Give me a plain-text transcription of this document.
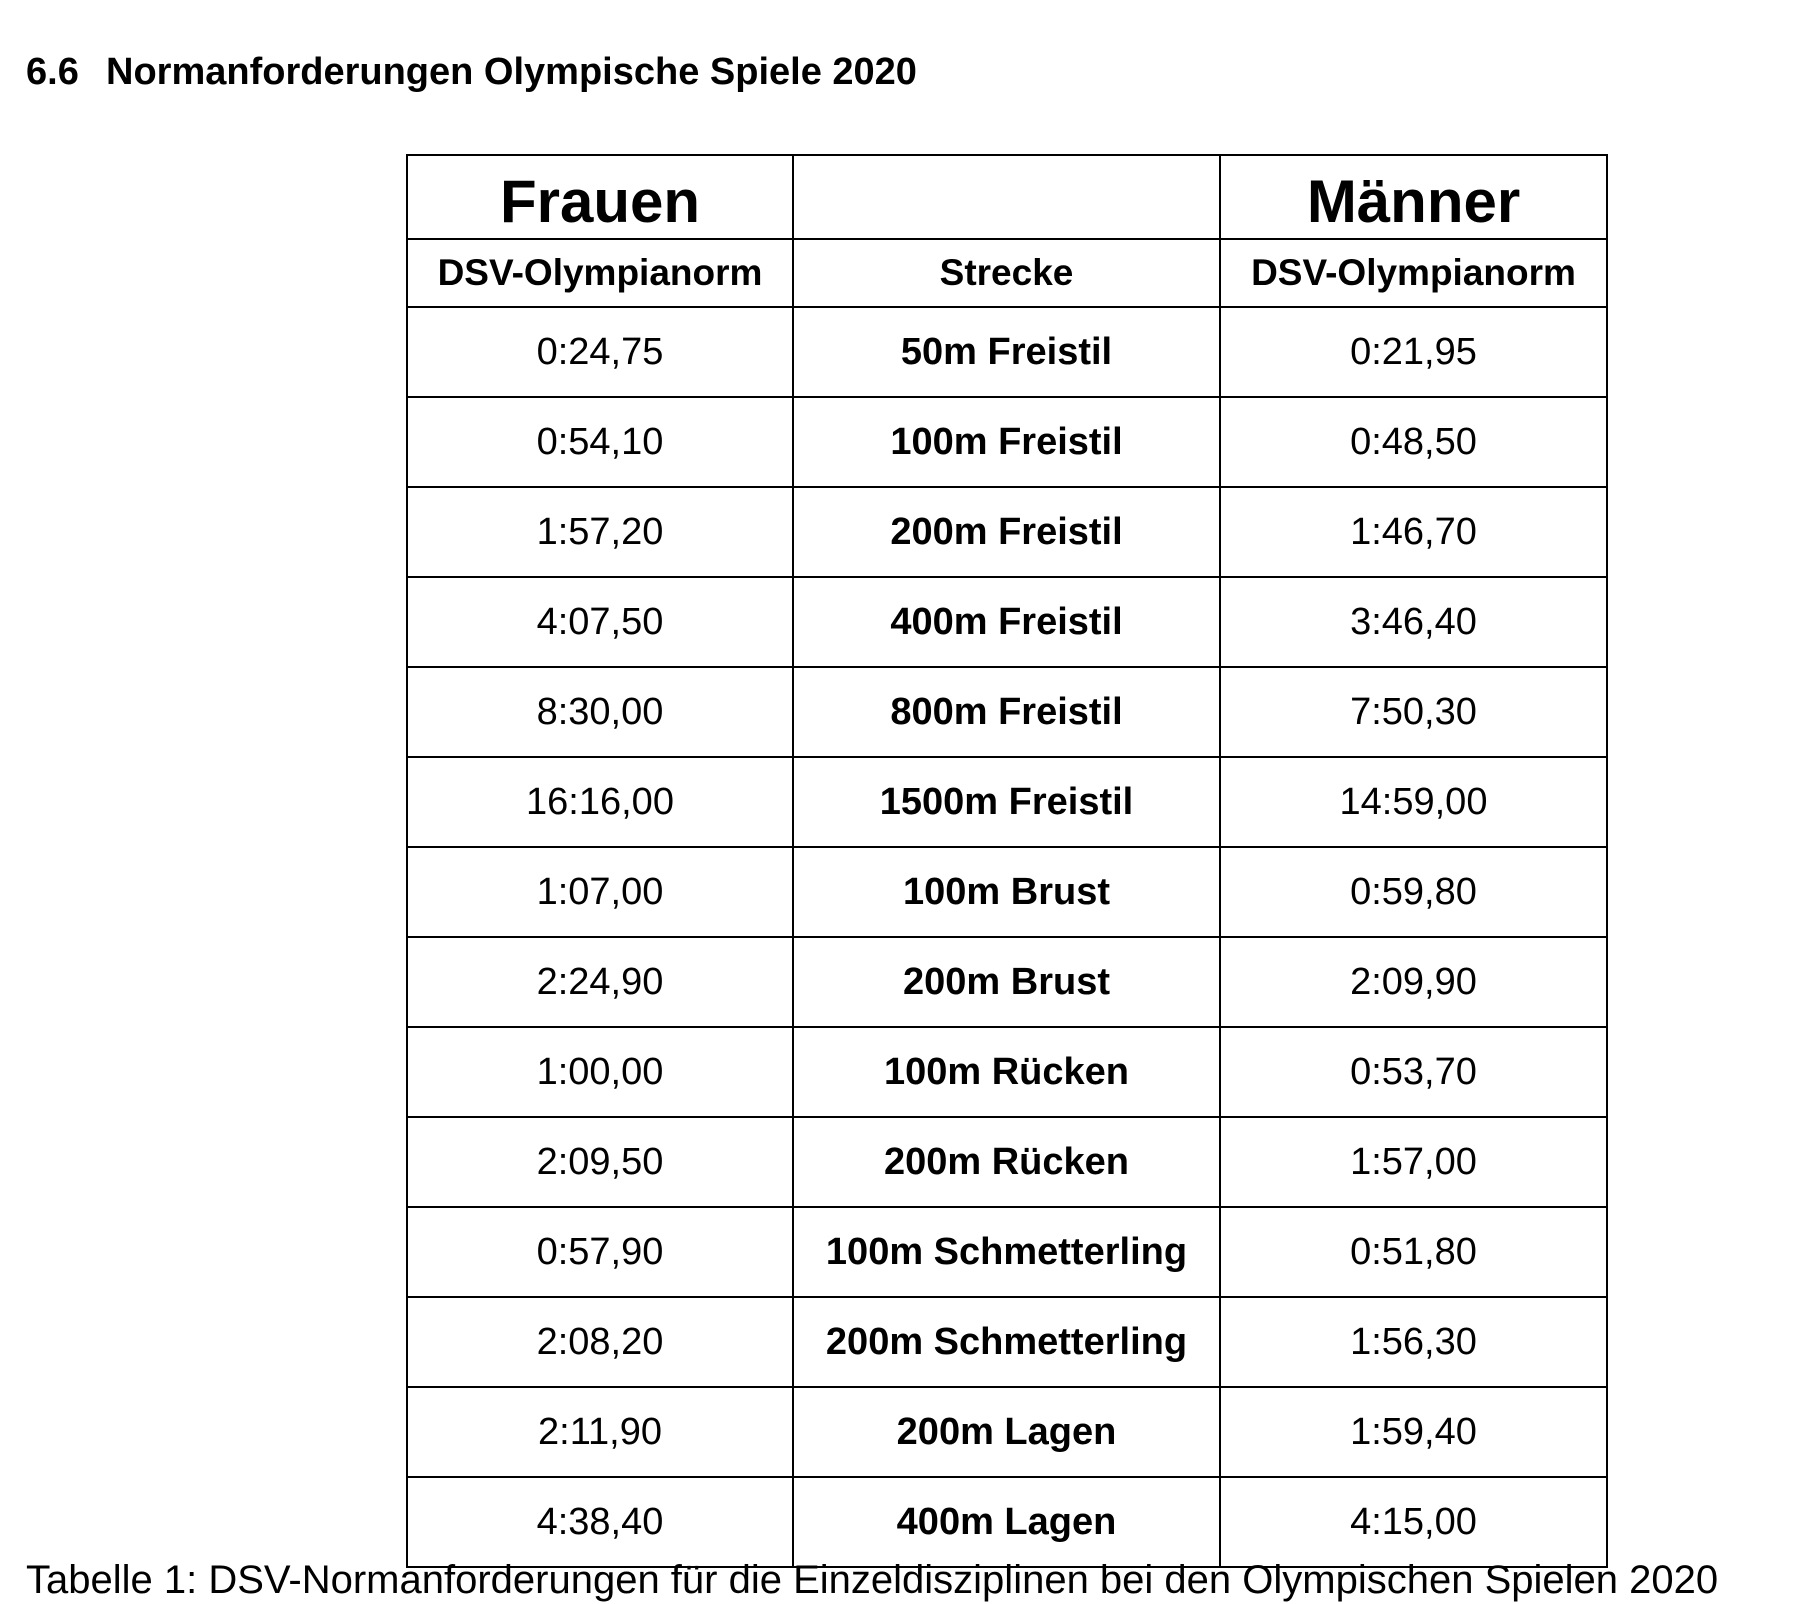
6.6 Normanforderungen Olympische Spiele 2020
Frauen		Männer
DSV-Olympianorm	Strecke	DSV-Olympianorm
0:24,75	50m Freistil	0:21,95
0:54,10	100m Freistil	0:48,50
1:57,20	200m Freistil	1:46,70
4:07,50	400m Freistil	3:46,40
8:30,00	800m Freistil	7:50,30
16:16,00	1500m Freistil	14:59,00
1:07,00	100m Brust	0:59,80
2:24,90	200m Brust	2:09,90
1:00,00	100m Rücken	0:53,70
2:09,50	200m Rücken	1:57,00
0:57,90	100m Schmetterling	0:51,80
2:08,20	200m Schmetterling	1:56,30
2:11,90	200m Lagen	1:59,40
4:38,40	400m Lagen	4:15,00

Tabelle 1: DSV-Normanforderungen für die Einzeldisziplinen bei den Olympischen Spielen 2020
